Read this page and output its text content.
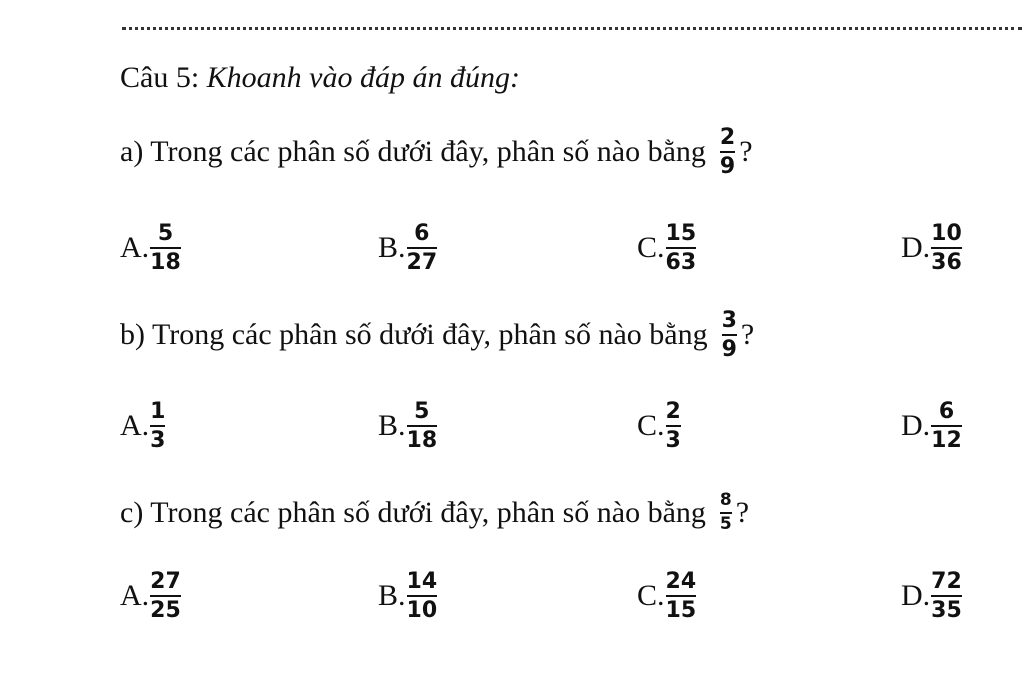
Câu 5: Khoanh vào đáp án đúng:
a) Trong các phân số dưới đây, phân số nào bằng $\frac{2}{9}$ ?
A. $\frac{5}{18}$	B. $\frac{6}{27}$	C. $\frac{15}{63}$	D. $\frac{10}{36}$
b) Trong các phân số dưới đây, phân số nào bằng $\frac{3}{9}$ ?
A. $\frac{1}{3}$	B. $\frac{5}{18}$	C. $\frac{2}{3}$	D. $\frac{6}{12}$
c) Trong các phân số dưới đây, phân số nào bằng $\frac{8}{5}$ ?
A. $\frac{27}{25}$	B. $\frac{14}{10}$	C. $\frac{24}{15}$	D. $\frac{72}{35}$
